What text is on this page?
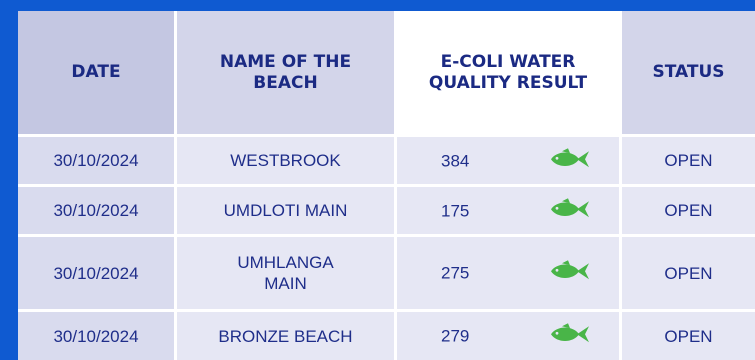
DATE	NAME OF THE BEACH	E-COLI WATER QUALITY RESULT	STATUS
30/10/2024	WESTBROOK	384	OPEN
30/10/2024	UMDLOTI MAIN	175	OPEN
30/10/2024	UMHLANGA MAIN	275	OPEN
30/10/2024	BRONZE BEACH	279	OPEN
